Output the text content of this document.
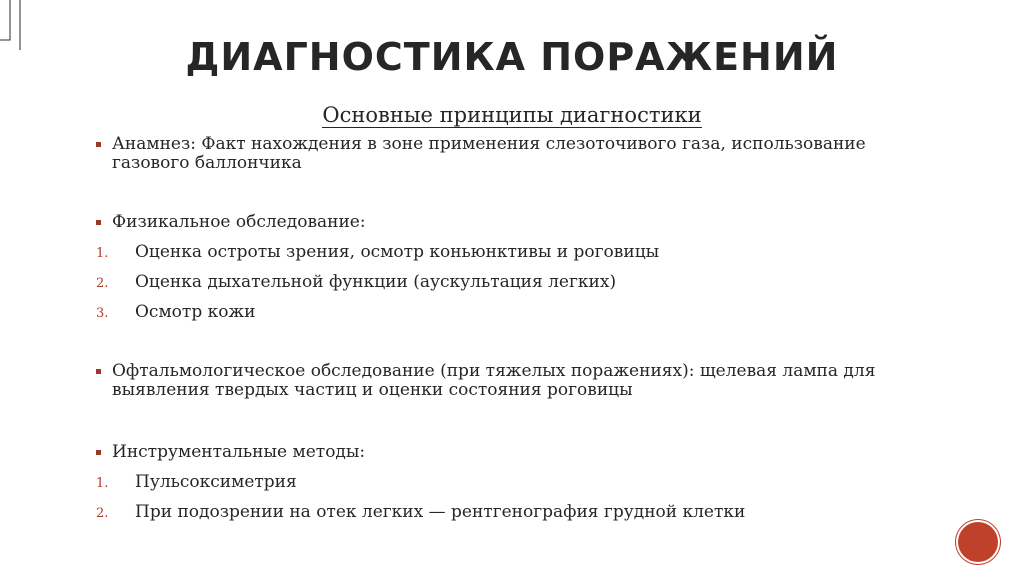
ДИАГНОСТИКА ПОРАЖЕНИЙ
Основные принципы диагностики
Анамнез: Факт нахождения в зоне применения слезоточивого газа, использование газового баллончика
Физикальное обследование:
1. Оценка остроты зрения, осмотр коньюнктивы и роговицы
2. Оценка дыхательной функции (аускультация легких)
3. Осмотр кожи
Офтальмологическое обследование (при тяжелых поражениях): щелевая лампа для выявления твердых частиц и оценки состояния роговицы
Инструментальные методы:
1. Пульсоксиметрия
2. При подозрении на отек легких — рентгенография грудной клетки
